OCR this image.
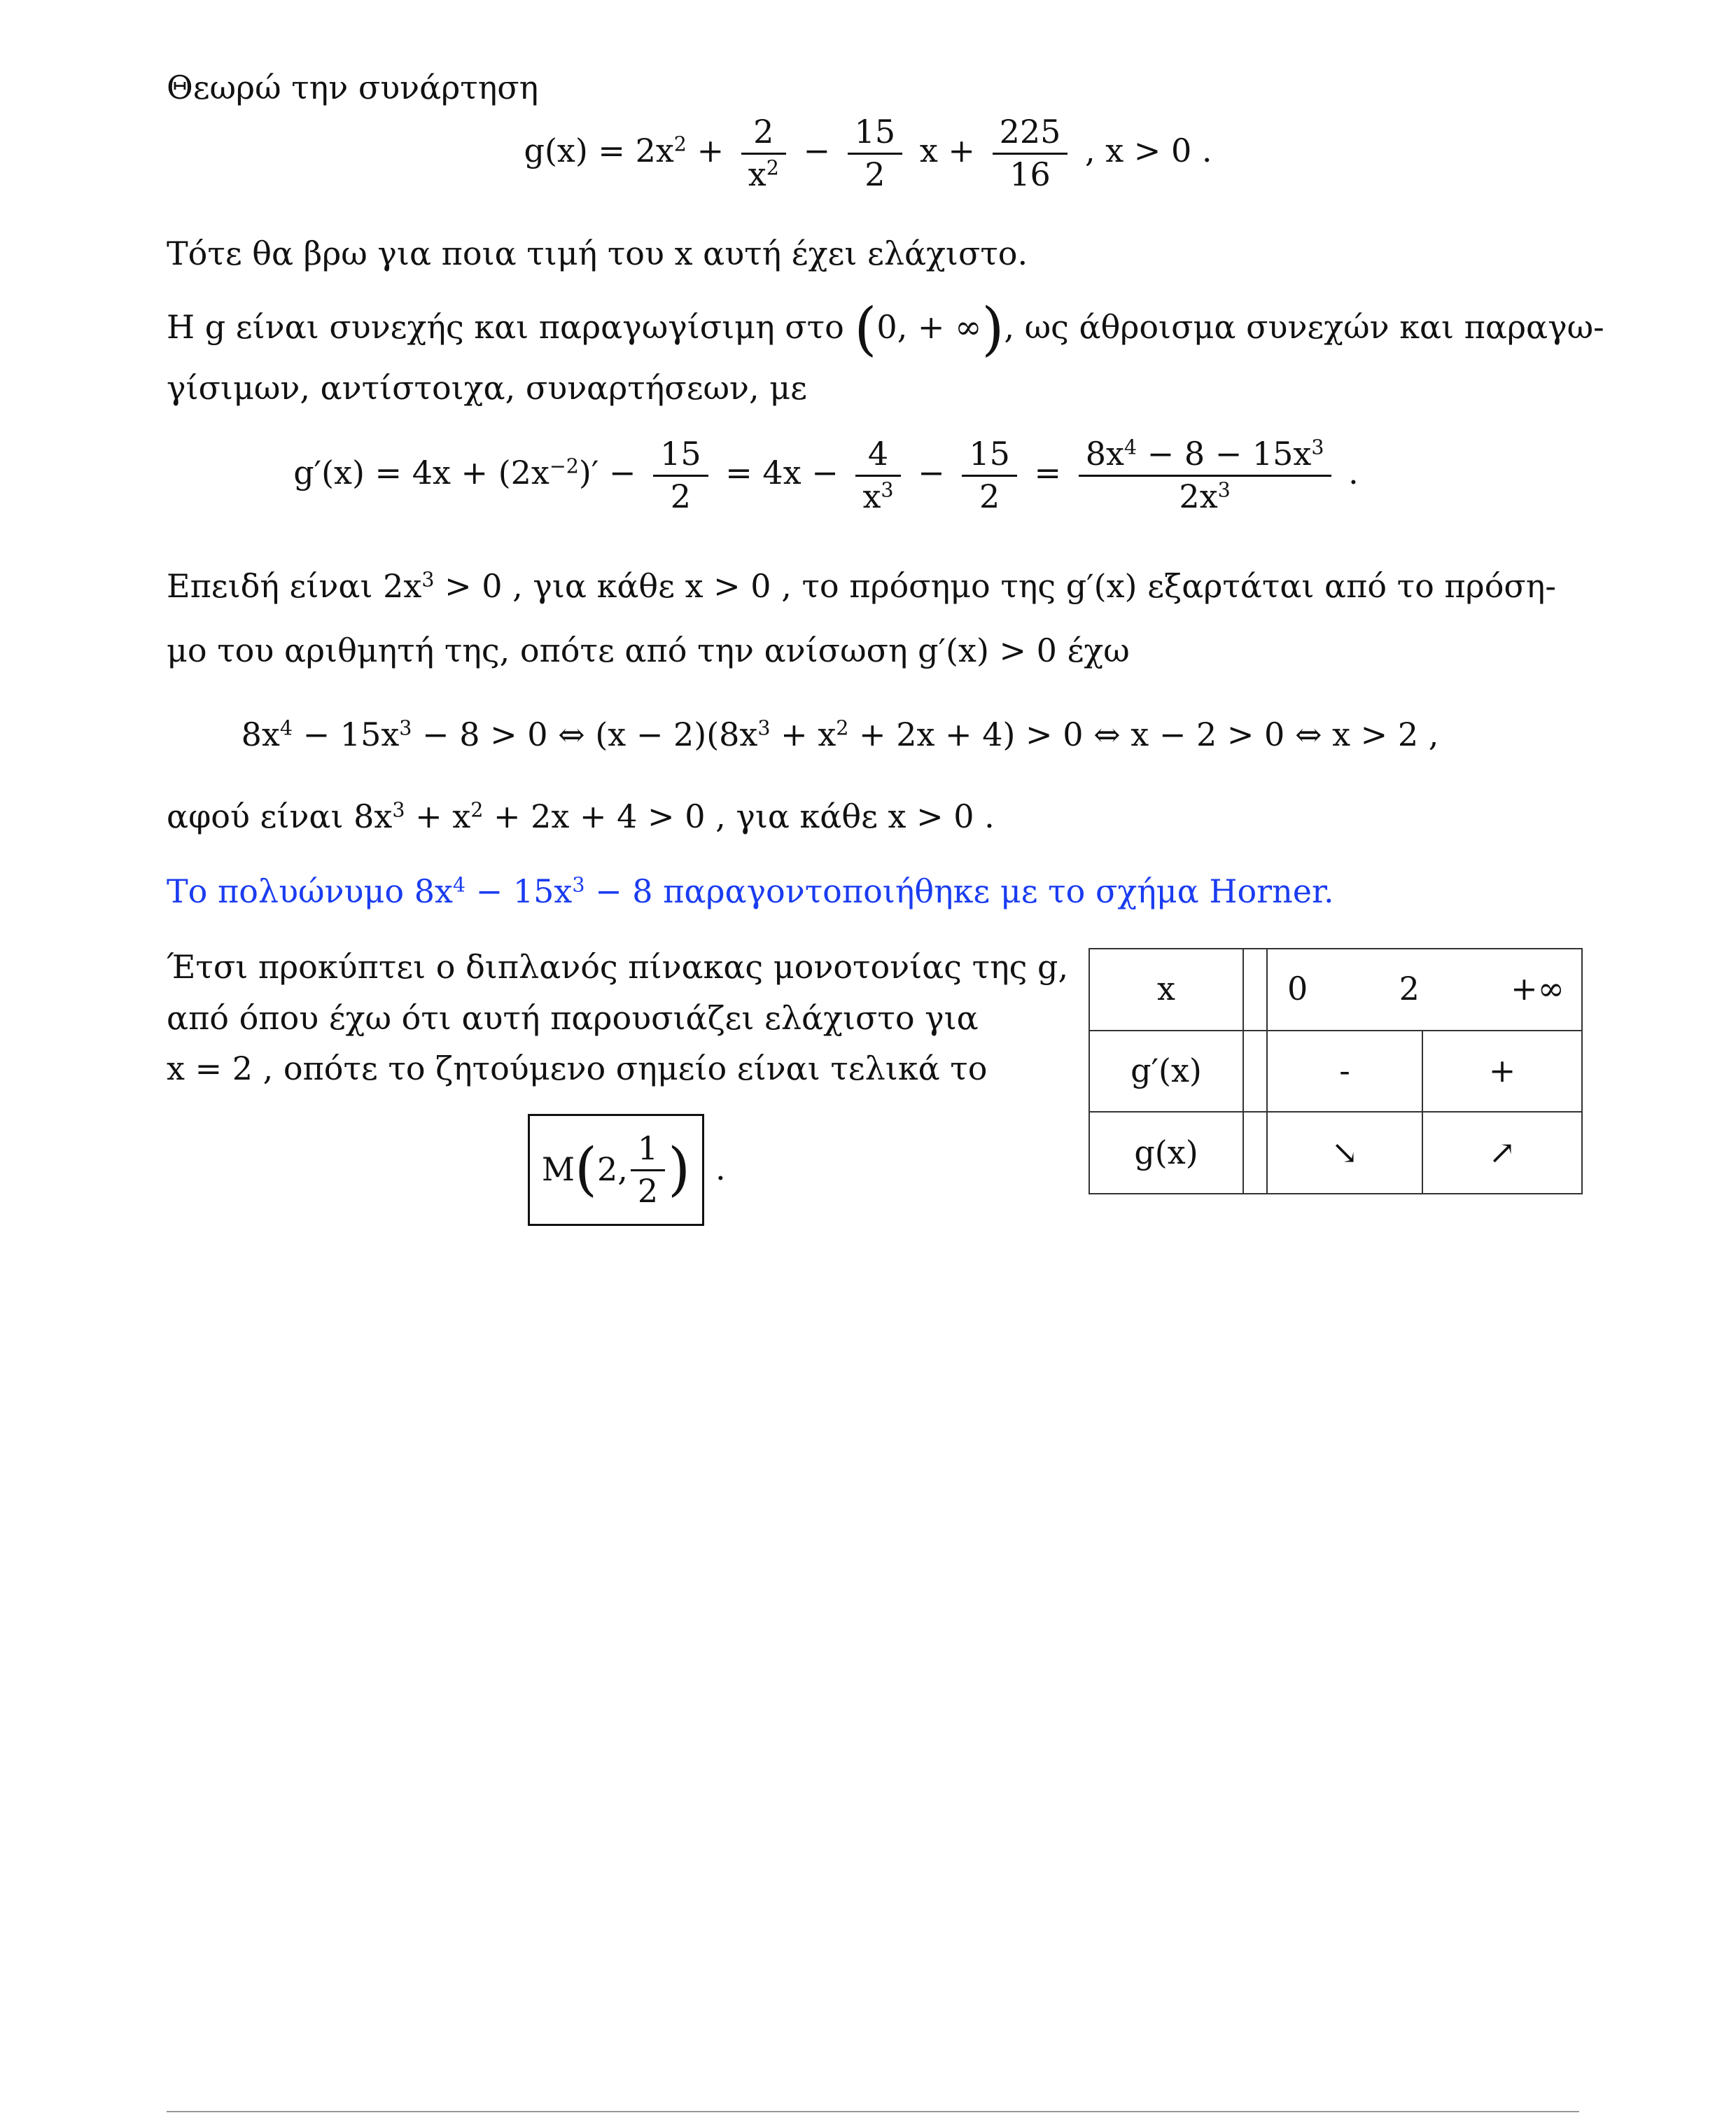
Θεωρώ την συνάρτηση
$g(x) = 2x^2 + \frac{2}{x^2} - \frac{15}{2}$ $x + \frac{225}{16}$ , x > 0 .
Τότε θα βρω για ποια τιμή του x αυτή έχει ελάχιστο.
Η g είναι συνεχής και παραγωγίσιμη στο (0, + ∞), ως άθροισμα συνεχών και παραγω-
γίσιμων, αντίστοιχα, συναρτήσεων, με
$g'(x) = 4x + (2x^{-2})' - \frac{15}{2} = 4x - \frac{4}{x^3} - \frac{15}{2} = \frac{8x^4 - 8 - 15x^3}{2x^3}$ .
Επειδή είναι $2x^3 > 0$ , για κάθε x > 0 , το πρόσημο της g′(x) εξαρτάται από το πρόση-
μο του αριθμητή της, οπότε από την ανίσωση g′(x) > 0 έχω
$8x^4 - 15x^3 - 8 > 0$ ⇔ $(x - 2)(8x^3 + x^2 + 2x + 4) > 0$ ⇔ x − 2 > 0 ⇔ x > 2 ,
αφού είναι $8x^3 + x^2 + 2x + 4 > 0$ , για κάθε x > 0 .
Το πολυώνυμο $8x^4 - 15x^3 - 8$ παραγοντοποιήθηκε με το σχήμα Horner.
Έτσι προκύπτει ο διπλανός πίνακας μονοτονίας της g,
από όπου έχω ότι αυτή παρουσιάζει ελάχιστο για
x = 2 , οπότε το ζητούμενο σημείο είναι τελικά το
M ( 2, $\frac{1}{2}$ ) .
x		0 2 +∞	

g′(x)		-	+
g(x)		↘	↗
